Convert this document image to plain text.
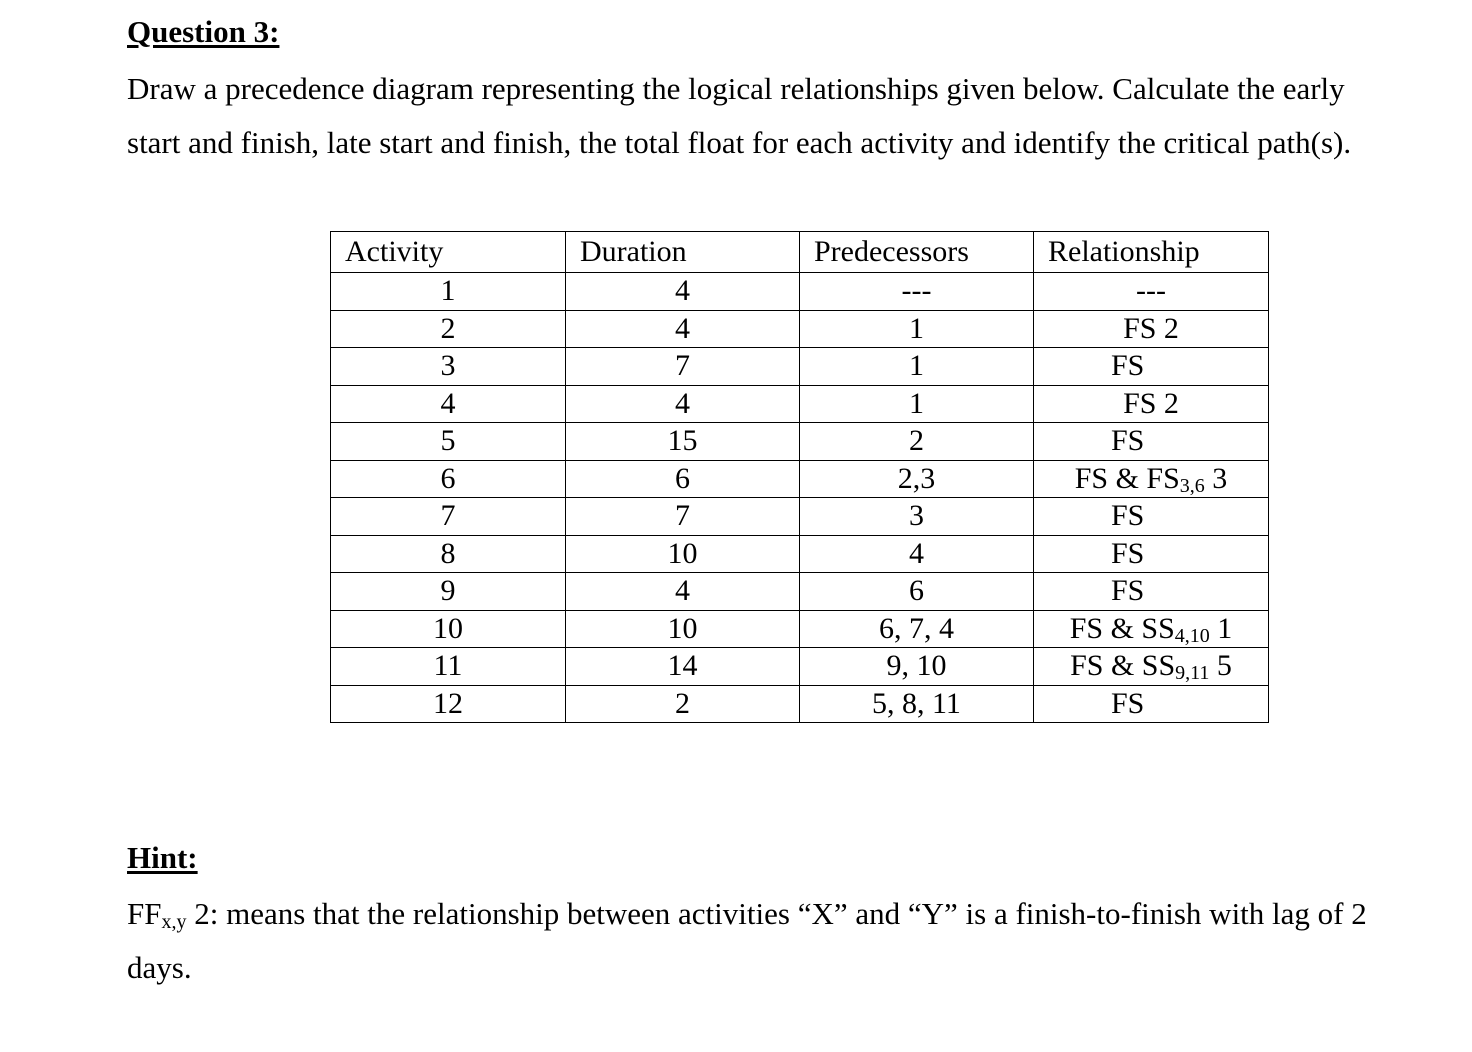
Question 3:

Draw a precedence diagram representing the logical relationships given below. Calculate the early start and finish, late start and finish, the total float for each activity and identify the critical path(s).

Activity	Duration	Predecessors	Relationship
1	4	---	---
2	4	1	FS 2
3	7	1	FS
4	4	1	FS 2
5	15	2	FS
6	6	2,3	FS & $FS_{3,6}$ 3
7	7	3	FS
8	10	4	FS
9	4	6	FS
10	10	6, 7, 4	FS & $SS_{4,10}$ 1
11	14	9, 10	FS & $SS_{9,11}$ 5
12	2	5, 8, 11	FS
Hint:

$FF_{x,y}$ 2: means that the relationship between activities “X” and “Y” is a finish-to-finish with lag of 2 days.
